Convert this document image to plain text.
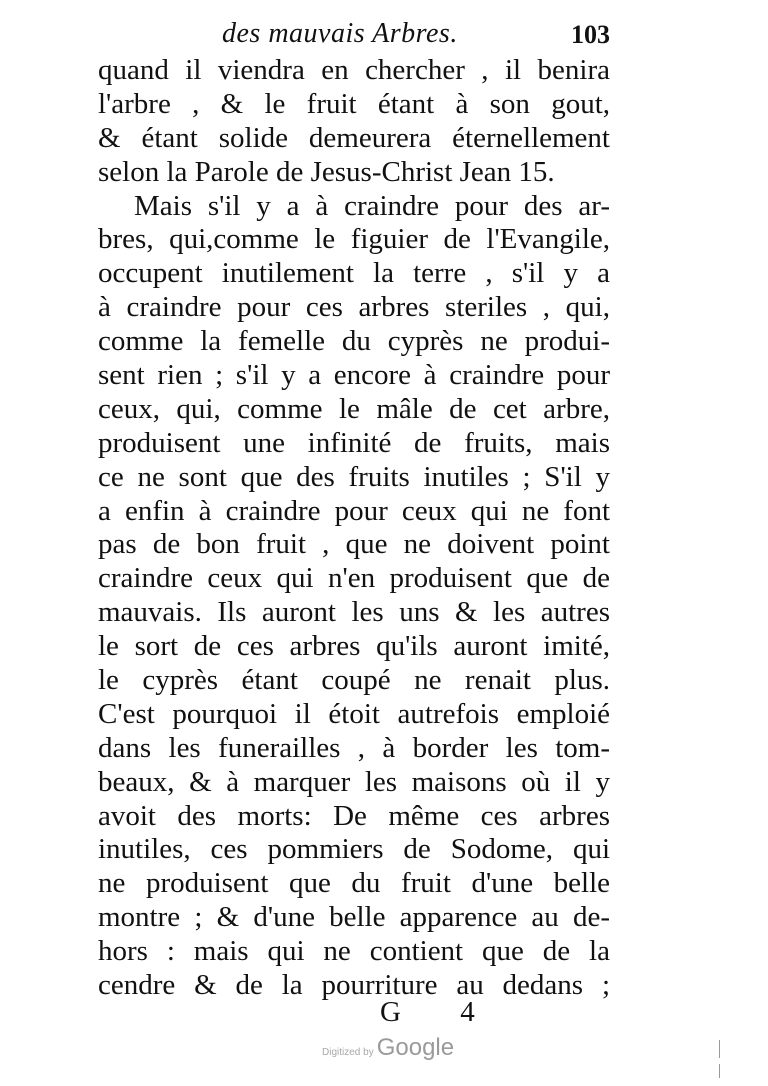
des mauvais Arbres.	103
quand il viendra en chercher , il benira
l'arbre , & le fruit étant à son gout,
& étant solide demeurera éternellement
selon la Parole de Jesus-Christ Jean 15.
Mais s'il y a à craindre pour des ar-
bres, qui,comme le figuier de l'Evangile,
occupent inutilement la terre , s'il y a
à craindre pour ces arbres steriles , qui,
comme la femelle du cyprès ne produi-
sent rien ; s'il y a encore à craindre pour
ceux, qui, comme le mâle de cet arbre,
produisent une infinité de fruits, mais
ce ne sont que des fruits inutiles ; S'il y
a enfin à craindre pour ceux qui ne font
pas de bon fruit , que ne doivent point
craindre ceux qui n'en produisent que de
mauvais. Ils auront les uns & les autres
le sort de ces arbres qu'ils auront imité,
le cyprès étant coupé ne renait plus.
C'est pourquoi il étoit autrefois emploié
dans les funerailles , à border les tom-
beaux, & à marquer les maisons où il y
avoit des morts: De même ces arbres
inutiles, ces pommiers de Sodome, qui
ne produisent que du fruit d'une belle
montre ; & d'une belle apparence au de-
hors : mais qui ne contient que de la
cendre & de la pourriture au dedans ;
G 4
Digitized by Google
